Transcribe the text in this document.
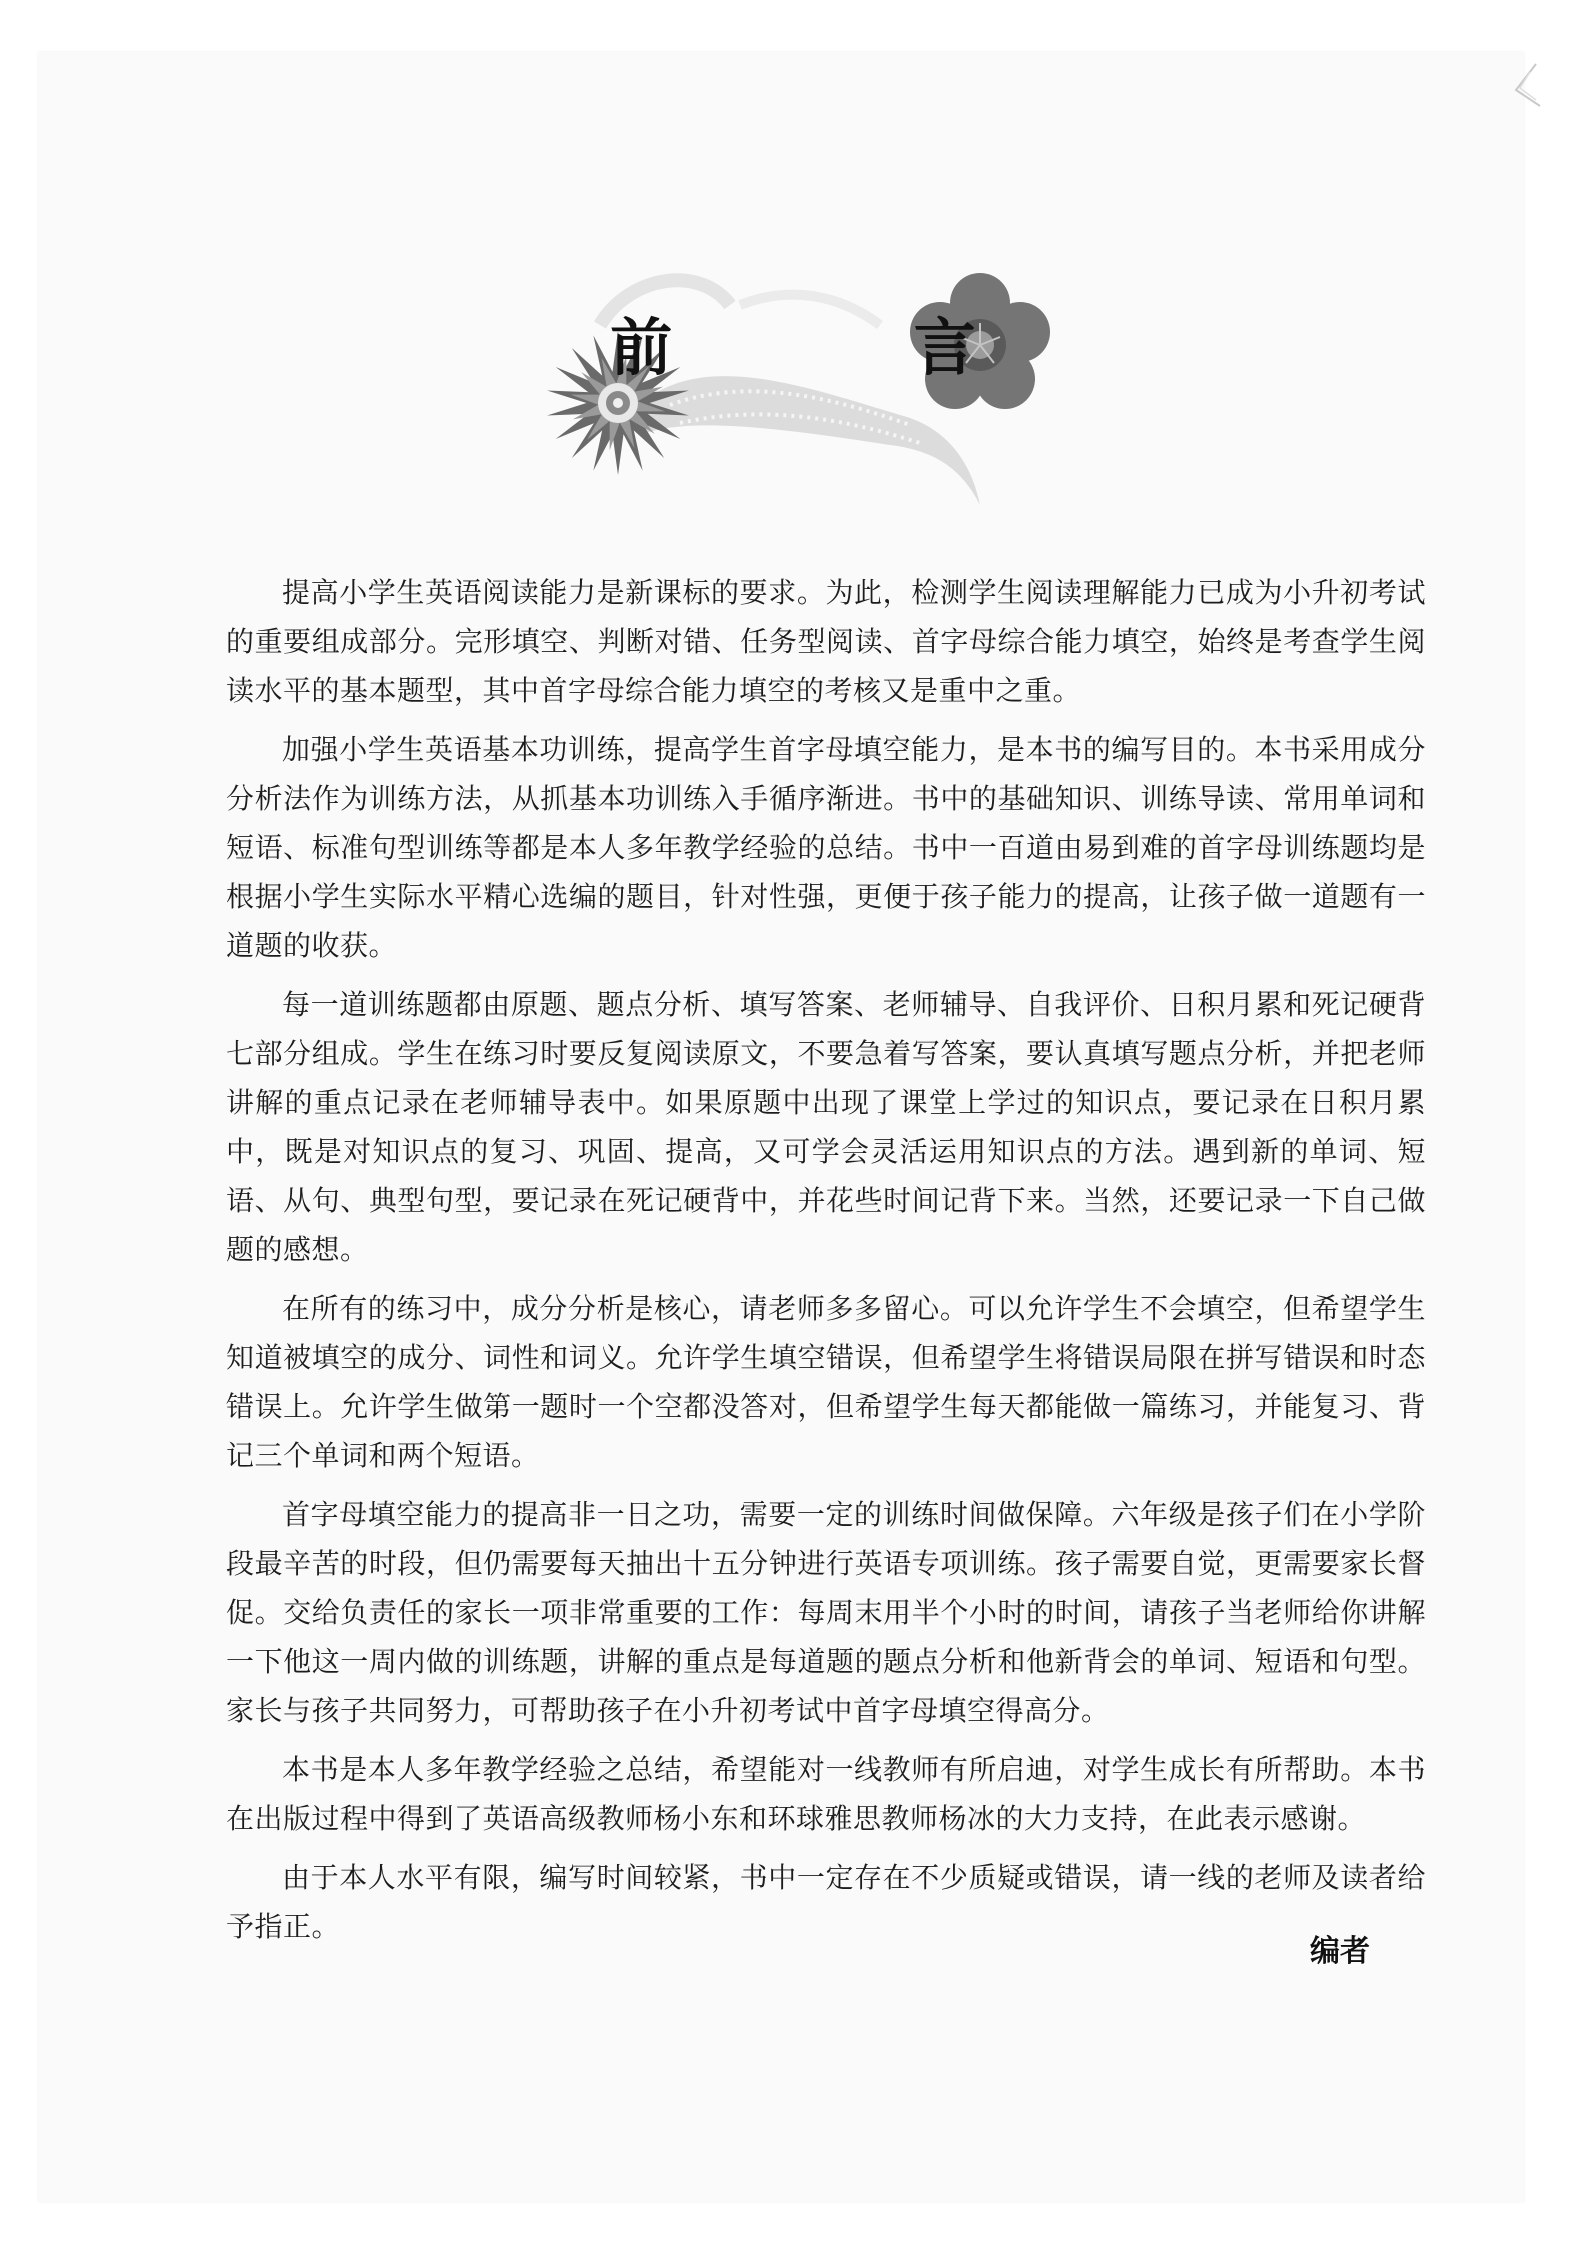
前 言

提高小学生英语阅读能力是新课标的要求。为此，检测学生阅读理解能力已成为小升初考试的重要组成部分。完形填空、判断对错、任务型阅读、首字母综合能力填空，始终是考查学生阅读水平的基本题型，其中首字母综合能力填空的考核又是重中之重。

加强小学生英语基本功训练，提高学生首字母填空能力，是本书的编写目的。本书采用成分分析法作为训练方法，从抓基本功训练入手循序渐进。书中的基础知识、训练导读、常用单词和短语、标准句型训练等都是本人多年教学经验的总结。书中一百道由易到难的首字母训练题均是根据小学生实际水平精心选编的题目，针对性强，更便于孩子能力的提高，让孩子做一道题有一道题的收获。

每一道训练题都由原题、题点分析、填写答案、老师辅导、自我评价、日积月累和死记硬背七部分组成。学生在练习时要反复阅读原文，不要急着写答案，要认真填写题点分析，并把老师讲解的重点记录在老师辅导表中。如果原题中出现了课堂上学过的知识点，要记录在日积月累中，既是对知识点的复习、巩固、提高，又可学会灵活运用知识点的方法。遇到新的单词、短语、从句、典型句型，要记录在死记硬背中，并花些时间记背下来。当然，还要记录一下自己做题的感想。

在所有的练习中，成分分析是核心，请老师多多留心。可以允许学生不会填空，但希望学生知道被填空的成分、词性和词义。允许学生填空错误，但希望学生将错误局限在拼写错误和时态错误上。允许学生做第一题时一个空都没答对，但希望学生每天都能做一篇练习，并能复习、背记三个单词和两个短语。

首字母填空能力的提高非一日之功，需要一定的训练时间做保障。六年级是孩子们在小学阶段最辛苦的时段，但仍需要每天抽出十五分钟进行英语专项训练。孩子需要自觉，更需要家长督促。交给负责任的家长一项非常重要的工作：每周末用半个小时的时间，请孩子当老师给你讲解一下他这一周内做的训练题，讲解的重点是每道题的题点分析和他新背会的单词、短语和句型。家长与孩子共同努力，可帮助孩子在小升初考试中首字母填空得高分。

本书是本人多年教学经验之总结，希望能对一线教师有所启迪，对学生成长有所帮助。本书在出版过程中得到了英语高级教师杨小东和环球雅思教师杨冰的大力支持，在此表示感谢。

由于本人水平有限，编写时间较紧，书中一定存在不少质疑或错误，请一线的老师及读者给予指正。

编者
